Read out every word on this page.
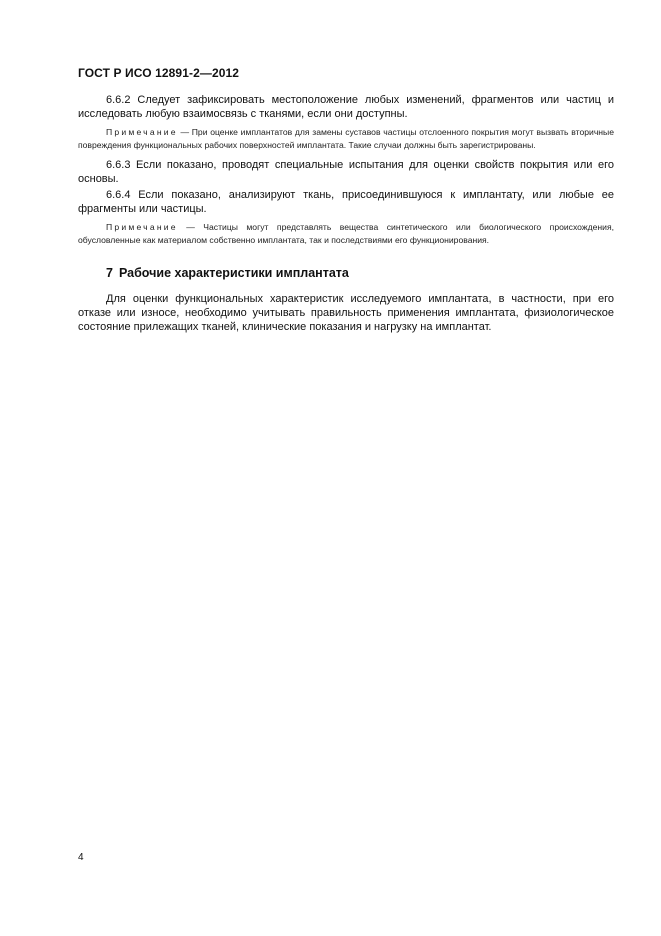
ГОСТ Р ИСО 12891-2—2012

6.6.2 Следует зафиксировать местоположение любых изменений, фрагментов или частиц и исследовать любую взаимосвязь с тканями, если они доступны.

Примечание — При оценке имплантатов для замены суставов частицы отслоенного покрытия могут вызвать вторичные повреждения функциональных рабочих поверхностей имплантата. Такие случаи должны быть зарегистрированы.

6.6.3 Если показано, проводят специальные испытания для оценки свойств покрытия или его основы.

6.6.4 Если показано, анализируют ткань, присоединившуюся к имплантату, или любые ее фрагменты или частицы.

Примечание — Частицы могут представлять вещества синтетического или биологического происхождения, обусловленные как материалом собственно имплантата, так и последствиями его функционирования.

7 Рабочие характеристики имплантата

Для оценки функциональных характеристик исследуемого имплантата, в частности, при его отказе или износе, необходимо учитывать правильность применения имплантата, физиологическое состояние прилежащих тканей, клинические показания и нагрузку на имплантат.

4
